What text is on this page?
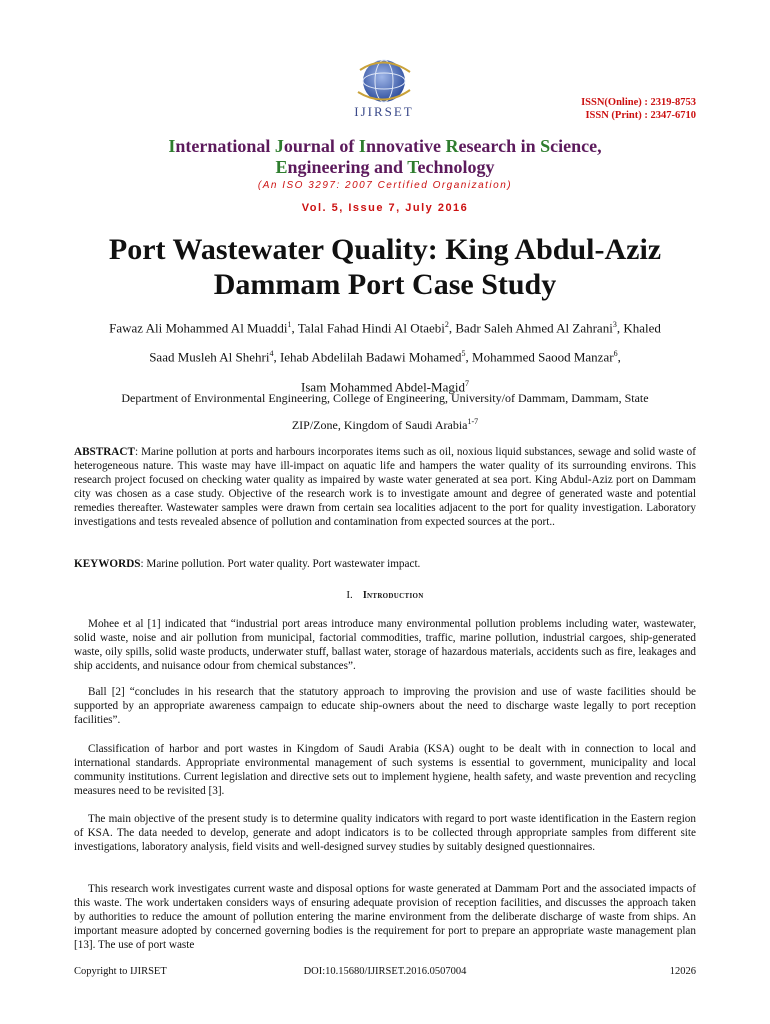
IJIRSET
ISSN(Online) : 2319-8753
ISSN (Print) : 2347-6710
International Journal of Innovative Research in Science,
Engineering and Technology
(An ISO 3297: 2007 Certified Organization)
Vol. 5, Issue 7, July 2016
Port Wastewater Quality: King Abdul-Aziz
Dammam Port Case Study
Fawaz Ali Mohammed Al Muaddi$^1$, Talal Fahad Hindi Al Otaebi$^2$, Badr Saleh Ahmed Al Zahrani$^3$, Khaled
Saad Musleh Al Shehri$^4$, Iehab Abdelilah Badawi Mohamed$^5$, Mohammed Saood Manzar$^6$,
Isam Mohammed Abdel-Magid$^7$
Department of Environmental Engineering, College of Engineering, University/of Dammam, Dammam, State
ZIP/Zone, Kingdom of Saudi Arabia$^{1-7}$
ABSTRACT: Marine pollution at ports and harbours incorporates items such as oil, noxious liquid substances, sewage and solid waste of heterogeneous nature. This waste may have ill-impact on aquatic life and hampers the water quality of its surrounding environs. This research project focused on checking water quality as impaired by waste water generated at sea port. King Abdul-Aziz port on Dammam city was chosen as a case study. Objective of the research work is to investigate amount and degree of generated waste and potential remedies thereafter. Wastewater samples were drawn from certain sea localities adjacent to the port for quality investigation. Laboratory investigations and tests revealed absence of pollution and contamination from expected sources at the port..
KEYWORDS: Marine pollution. Port water quality. Port wastewater impact.
I. Introduction
Mohee et al [1] indicated that “industrial port areas introduce many environmental pollution problems including water, wastewater, solid waste, noise and air pollution from municipal, factorial commodities, traffic, marine pollution, industrial cargoes, ship-generated waste, oily spills, solid waste products, underwater stuff, ballast water, storage of hazardous materials, accidents such as fire, leakages and ship accidents, and nuisance odour from chemical substances”.
Ball [2] “concludes in his research that the statutory approach to improving the provision and use of waste facilities should be supported by an appropriate awareness campaign to educate ship-owners about the need to discharge waste legally to port reception facilities”.
Classification of harbor and port wastes in Kingdom of Saudi Arabia (KSA) ought to be dealt with in connection to local and international standards. Appropriate environmental management of such systems is essential to government, municipality and local community institutions. Current legislation and directive sets out to implement hygiene, health safety, and waste prevention and recycling measures need to be revisited [3].
The main objective of the present study is to determine quality indicators with regard to port waste identification in the Eastern region of KSA. The data needed to develop, generate and adopt indicators is to be collected through appropriate samples from different site investigations, laboratory analysis, field visits and well-designed survey studies by suitably designed questionnaires.
This research work investigates current waste and disposal options for waste generated at Dammam Port and the associated impacts of this waste. The work undertaken considers ways of ensuring adequate provision of reception facilities, and discusses the approach taken by authorities to reduce the amount of pollution entering the marine environment from the deliberate discharge of waste from ships. An important measure adopted by concerned governing bodies is the requirement for port to prepare an appropriate waste management plan [13]. The use of port waste
Copyright to IJIRSET	DOI:10.15680/IJIRSET.2016.0507004	12026
